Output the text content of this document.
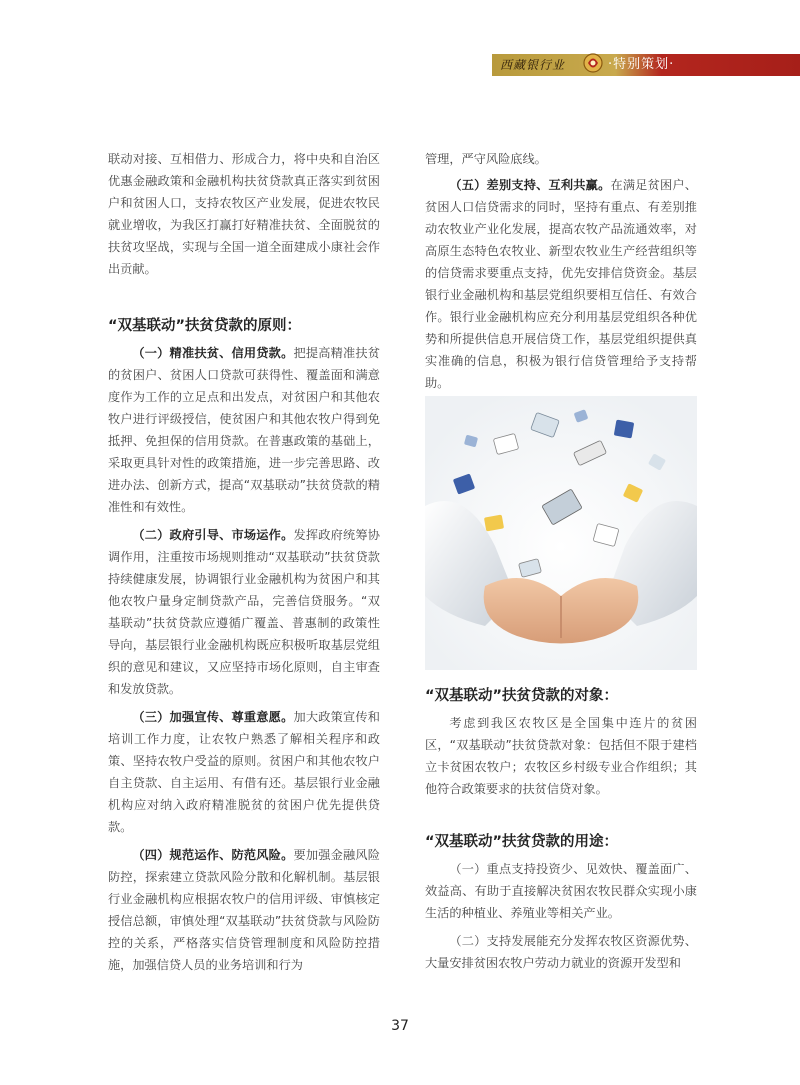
西藏银行业	·特别策划·

联动对接、互相借力、形成合力，将中央和自治区优惠金融政策和金融机构扶贫贷款真正落实到贫困户和贫困人口，支持农牧区产业发展，促进农牧民就业增收，为我区打赢打好精准扶贫、全面脱贫的扶贫攻坚战，实现与全国一道全面建成小康社会作出贡献。

“双基联动”扶贫贷款的原则：

（一）精准扶贫、信用贷款。把提高精准扶贫的贫困户、贫困人口贷款可获得性、覆盖面和满意度作为工作的立足点和出发点，对贫困户和其他农牧户进行评级授信，使贫困户和其他农牧户得到免抵押、免担保的信用贷款。在普惠政策的基础上，采取更具针对性的政策措施，进一步完善思路、改进办法、创新方式，提高“双基联动”扶贫贷款的精准性和有效性。

（二）政府引导、市场运作。发挥政府统筹协调作用，注重按市场规则推动“双基联动”扶贫贷款持续健康发展，协调银行业金融机构为贫困户和其他农牧户量身定制贷款产品，完善信贷服务。“双基联动”扶贫贷款应遵循广覆盖、普惠制的政策性导向，基层银行业金融机构既应积极听取基层党组织的意见和建议，又应坚持市场化原则，自主审查和发放贷款。

（三）加强宣传、尊重意愿。加大政策宣传和培训工作力度，让农牧户熟悉了解相关程序和政策、坚持农牧户受益的原则。贫困户和其他农牧户自主贷款、自主运用、有借有还。基层银行业金融机构应对纳入政府精准脱贫的贫困户优先提供贷款。

（四）规范运作、防范风险。要加强金融风险防控，探索建立贷款风险分散和化解机制。基层银行业金融机构应根据农牧户的信用评级、审慎核定授信总额，审慎处理“双基联动”扶贫贷款与风险防控的关系，严格落实信贷管理制度和风险防控措施，加强信贷人员的业务培训和行为

管理，严守风险底线。

（五）差别支持、互利共赢。在满足贫困户、贫困人口信贷需求的同时，坚持有重点、有差别推动农牧业产业化发展，提高农牧产品流通效率，对高原生态特色农牧业、新型农牧业生产经营组织等的信贷需求要重点支持，优先安排信贷资金。基层银行业金融机构和基层党组织要相互信任、有效合作。银行业金融机构应充分利用基层党组织各种优势和所提供信息开展信贷工作，基层党组织提供真实准确的信息，积极为银行信贷管理给予支持帮助。

“双基联动”扶贫贷款的对象：

考虑到我区农牧区是全国集中连片的贫困区，“双基联动”扶贫贷款对象：包括但不限于建档立卡贫困农牧户；农牧区乡村级专业合作组织；其他符合政策要求的扶贫信贷对象。

“双基联动”扶贫贷款的用途：

（一）重点支持投资少、见效快、覆盖面广、效益高、有助于直接解决贫困农牧民群众实现小康生活的种植业、养殖业等相关产业。

（二）支持发展能充分发挥农牧区资源优势、大量安排贫困农牧户劳动力就业的资源开发型和

37
